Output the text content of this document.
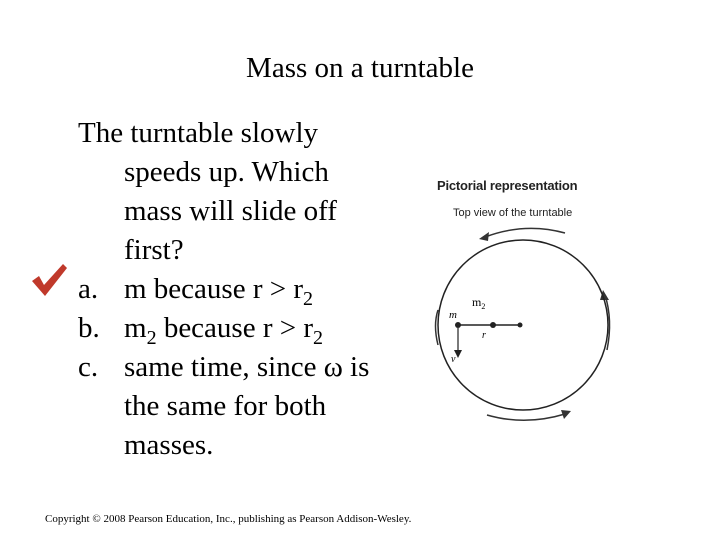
Mass on a turntable
The turntable slowly
speeds up. Which
mass will slide off
first?
a. m because $r > r_2$
b. $m_2$ because $r > r_2$
c. same time, since ω is
the same for both
masses.
Pictorial representation
Top view of the turntable
m
r
v
$m_2$
Copyright © 2008 Pearson Education, Inc., publishing as Pearson Addison-Wesley.
